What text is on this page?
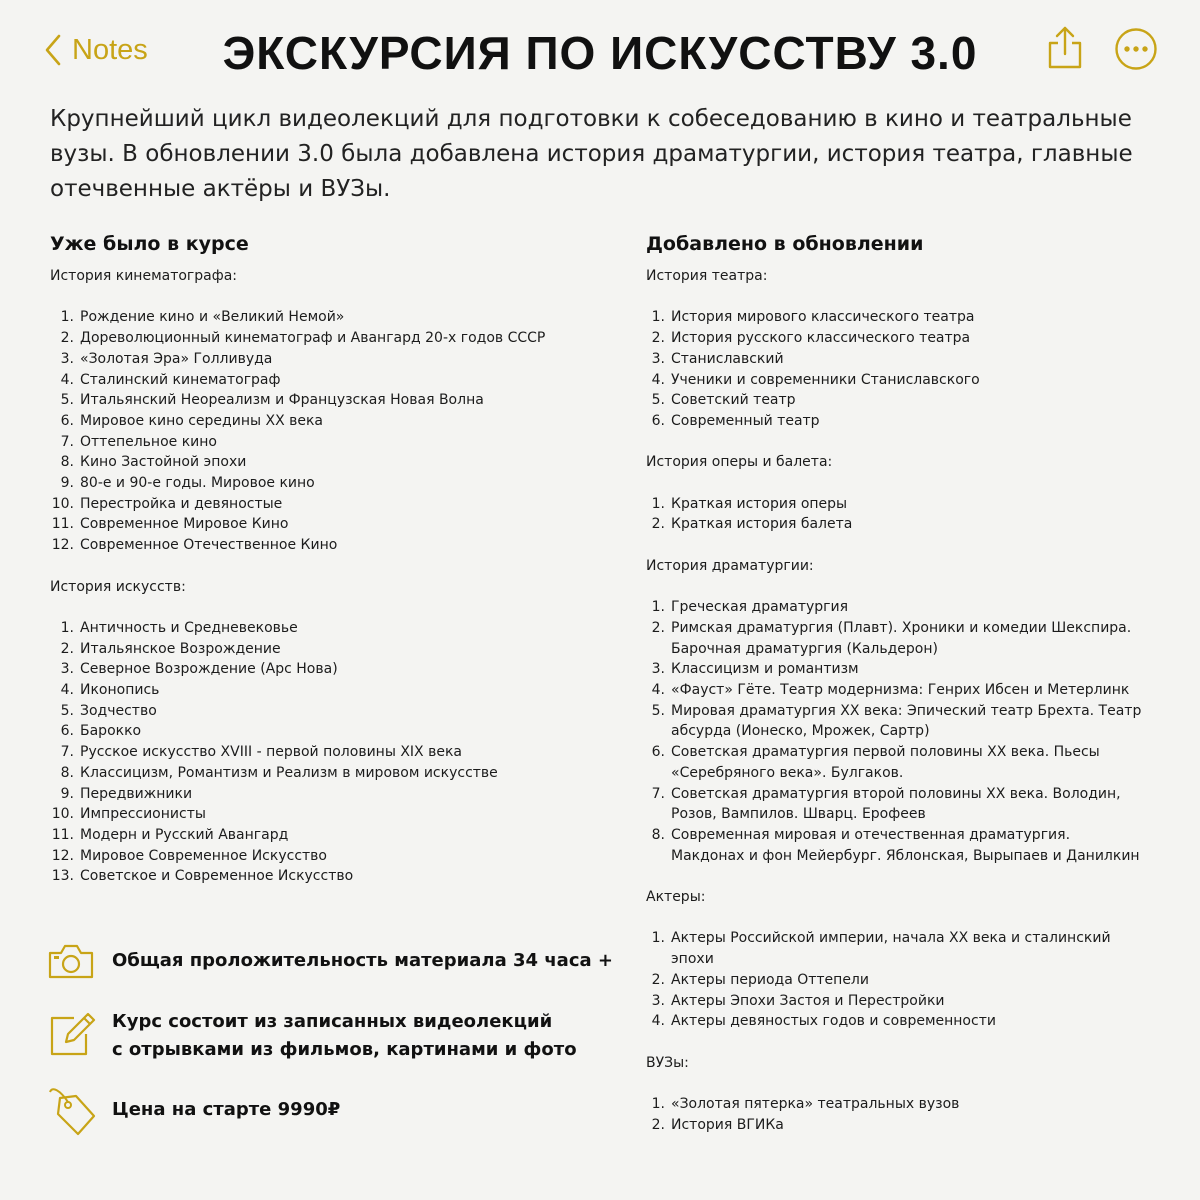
Notes	ЭКСКУРСИЯ ПО ИСКУССТВУ 3.0
Крупнейший цикл видеолекций для подготовки к собеседованию в кино и театральные вузы. В обновлении 3.0 была добавлена история драматургии, история театра, главные отечвенные актёры и ВУЗы.
Уже было в курсе
История кинематографа:
1. Рождение кино и «Великий Немой»
2. Дореволюционный кинематограф и Авангард 20-х годов СССР
3. «Золотая Эра» Голливуда
4. Сталинский кинематограф
5. Итальянский Неореализм и Французская Новая Волна
6. Мировое кино середины XX века
7. Оттепельное кино
8. Кино Застойной эпохи
9. 80-е и 90-е годы. Мировое кино
10. Перестройка и девяностые
11. Современное Мировое Кино
12. Современное Отечественное Кино
История искусств:
1. Античность и Средневековье
2. Итальянское Возрождение
3. Северное Возрождение (Арс Нова)
4. Иконопись
5. Зодчество
6. Барокко
7. Русское искусство XVIII - первой половины XIX века
8. Классицизм, Романтизм и Реализм в мировом искусстве
9. Передвижники
10. Импрессионисты
11. Модерн и Русский Авангард
12. Мировое Современное Искусство
13. Советское и Современное Искусство
Добавлено в обновлении
История театра:
1. История мирового классического театра
2. История русского классического театра
3. Станиславский
4. Ученики и современники Станиславского
5. Советский театр
6. Современный театр
История оперы и балета:
1. Краткая история оперы
2. Краткая история балета
История драматургии:
1. Греческая драматургия
2. Римская драматургия (Плавт). Хроники и комедии Шекспира. Барочная драматургия (Кальдерон)
3. Классицизм и романтизм
4. «Фауст» Гёте. Театр модернизма: Генрих Ибсен и Метерлинк
5. Мировая драматургия XX века: Эпический театр Брехта. Театр абсурда (Ионеско, Мрожек, Сартр)
6. Советская драматургия первой половины XX века. Пьесы «Серебряного века». Булгаков.
7. Советская драматургия второй половины XX века. Володин, Розов, Вампилов. Шварц. Ерофеев
8. Современная мировая и отечественная драматургия. Макдонах и фон Мейербург. Яблонская, Вырыпаев и Данилкин
Актеры:
1. Актеры Российской империи, начала XX века и сталинский эпохи
2. Актеры периода Оттепели
3. Актеры Эпохи Застоя и Перестройки
4. Актеры девяностых годов и современности
ВУЗы:
1. «Золотая пятерка» театральных вузов
2. История ВГИКа
Общая проложительность материала 34 часа +
Курс состоит из записанных видеолекций
с отрывками из фильмов, картинами и фото
Цена на старте 9990₽
